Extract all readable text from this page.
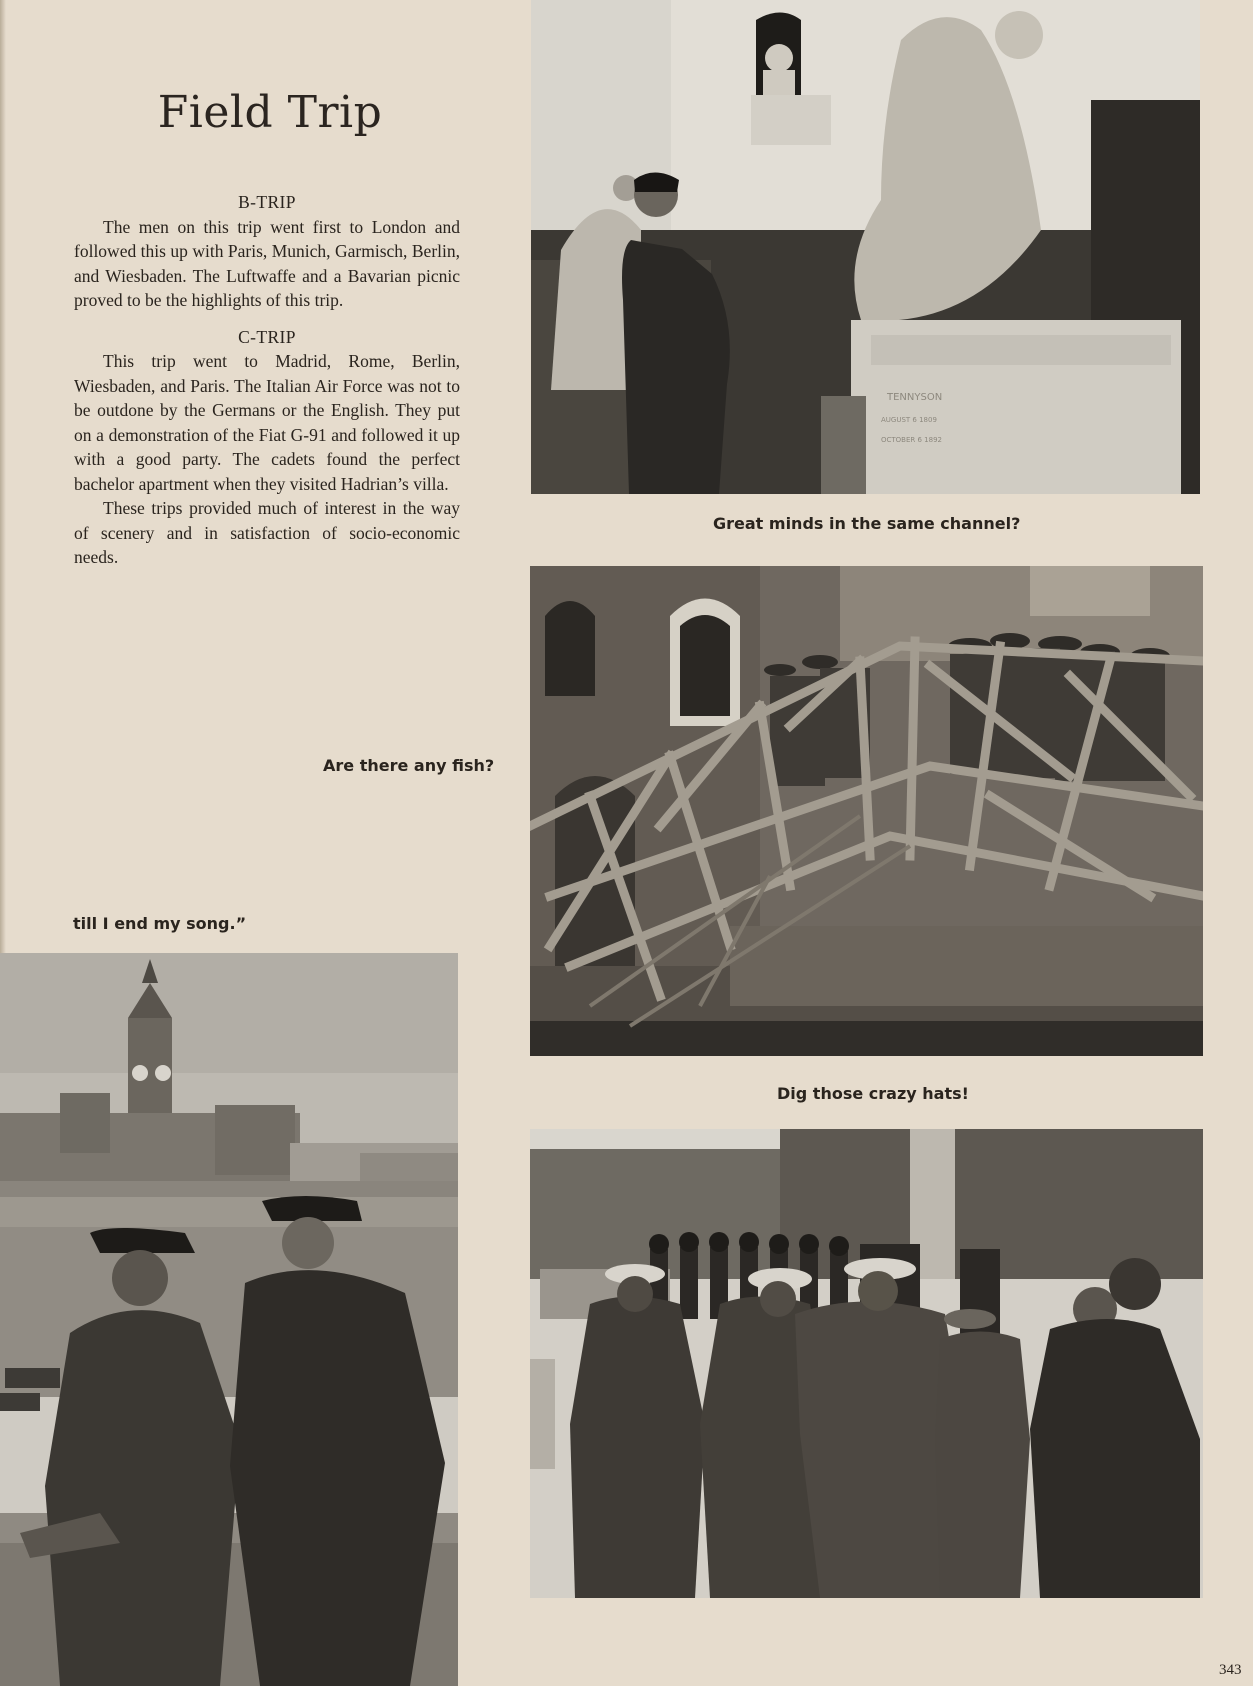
Field Trip
B-TRIP

The men on this trip went first to London and followed this up with Paris, Munich, Garmisch, Berlin, and Wiesbaden. The Luftwaffe and a Bavarian picnic proved to be the highlights of this trip.

C-TRIP

This trip went to Madrid, Rome, Berlin, Wiesbaden, and Paris. The Italian Air Force was not to be outdone by the Germans or the English. They put on a demonstration of the Fiat G-91 and followed it up with a good party. The cadets found the perfect bachelor apartment when they visited Hadrian’s villa.

These trips provided much of interest in the way of scenery and in satisfaction of socio-economic needs.

TENNYSON
AUGUST 6 1809
OCTOBER 6 1892
Great minds in the same channel?
Are there any fish?
till I end my song.”
Dig those crazy hats!
343
